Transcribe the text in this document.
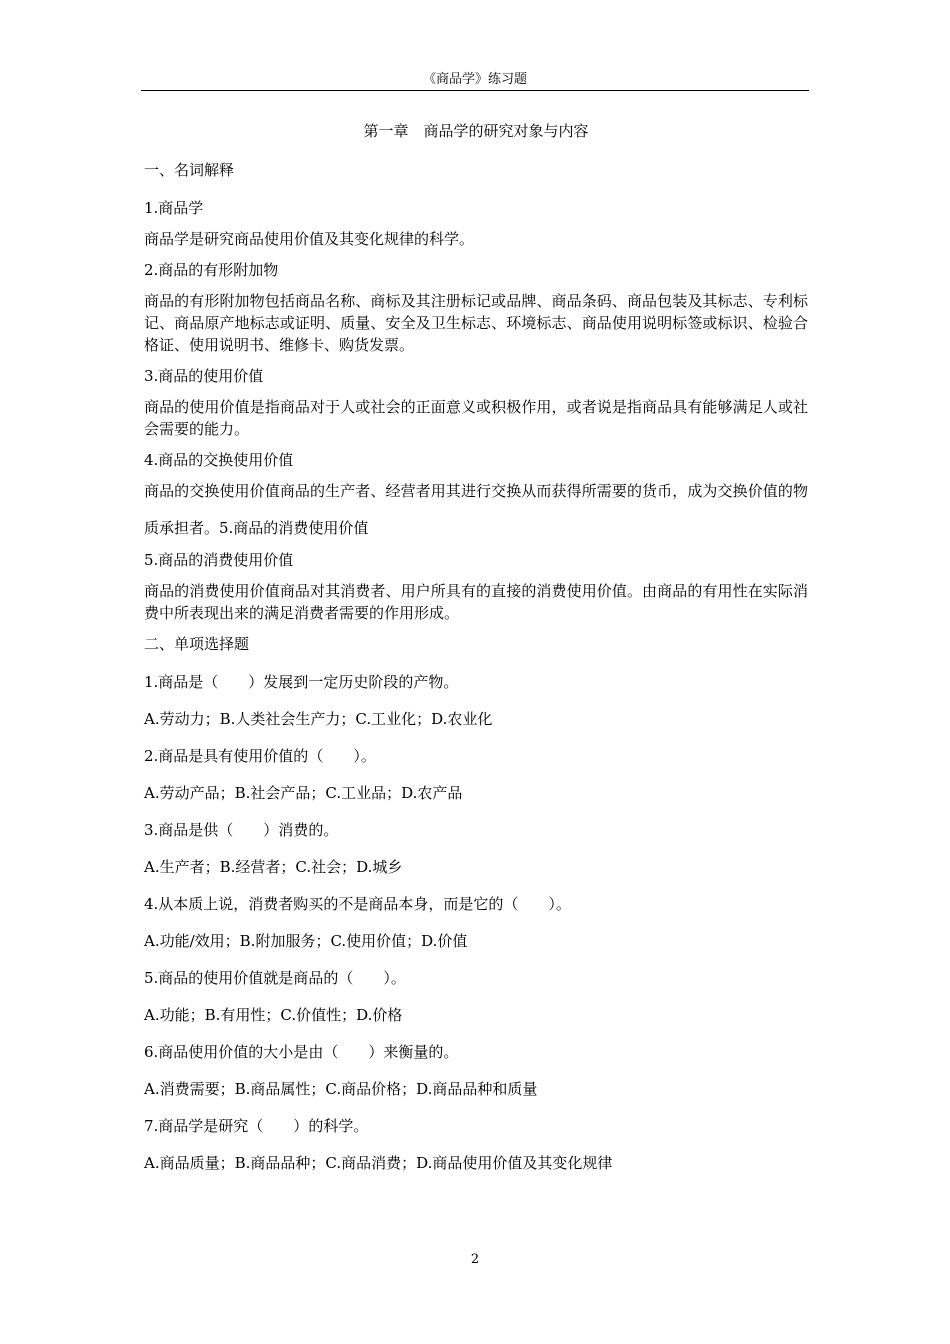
《商品学》练习题
第一章　商品学的研究对象与内容
一、名词解释
1.商品学
商品学是研究商品使用价值及其变化规律的科学。
2.商品的有形附加物
商品的有形附加物包括商品名称、商标及其注册标记或品牌、商品条码、商品包装及其标志、专利标记、商品原产地标志或证明、质量、安全及卫生标志、环境标志、商品使用说明标签或标识、检验合格证、使用说明书、维修卡、购货发票。
3.商品的使用价值
商品的使用价值是指商品对于人或社会的正面意义或积极作用，或者说是指商品具有能够满足人或社会需要的能力。
4.商品的交换使用价值
商品的交换使用价值商品的生产者、经营者用其进行交换从而获得所需要的货币，成为交换价值的物质承担者。5.商品的消费使用价值
5.商品的消费使用价值
商品的消费使用价值商品对其消费者、用户所具有的直接的消费使用价值。由商品的有用性在实际消费中所表现出来的满足消费者需要的作用形成。
二、单项选择题
1.商品是（　　）发展到一定历史阶段的产物。
A.劳动力；B.人类社会生产力；C.工业化；D.农业化
2.商品是具有使用价值的（　　）。
A.劳动产品；B.社会产品；C.工业品；D.农产品
3.商品是供（　　）消费的。
A.生产者；B.经营者；C.社会；D.城乡
4.从本质上说，消费者购买的不是商品本身，而是它的（　　）。
A.功能/效用；B.附加服务；C.使用价值；D.价值
5.商品的使用价值就是商品的（　　）。
A.功能；B.有用性；C.价值性；D.价格
6.商品使用价值的大小是由（　　）来衡量的。
A.消费需要；B.商品属性；C.商品价格；D.商品品种和质量
7.商品学是研究（　　）的科学。
A.商品质量；B.商品品种；C.商品消费；D.商品使用价值及其变化规律
2
